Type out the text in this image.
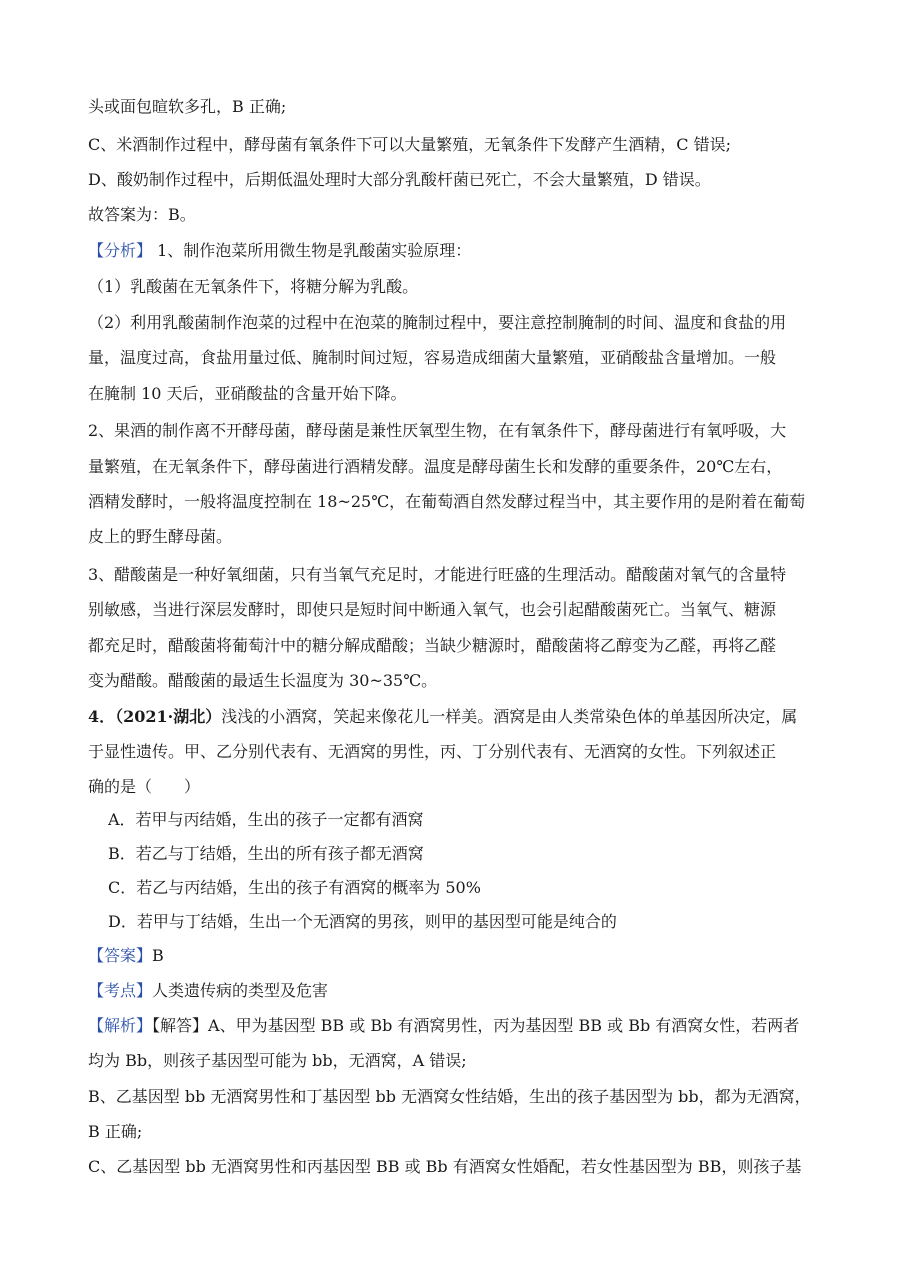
头或面包暄软多孔，B 正确;
C、米酒制作过程中，酵母菌有氧条件下可以大量繁殖，无氧条件下发酵产生酒精，C 错误;
D、酸奶制作过程中，后期低温处理时大部分乳酸杆菌已死亡，不会大量繁殖，D 错误。
故答案为：B。
【分析】 1、制作泡菜所用微生物是乳酸菌实验原理：
（1）乳酸菌在无氧条件下，将糖分解为乳酸。
（2）利用乳酸菌制作泡菜的过程中在泡菜的腌制过程中，要注意控制腌制的时间、温度和食盐的用
量，温度过高，食盐用量过低、腌制时间过短，容易造成细菌大量繁殖，亚硝酸盐含量增加。一般
在腌制 10 天后，亚硝酸盐的含量开始下降。
2、果酒的制作离不开酵母菌，酵母菌是兼性厌氧型生物，在有氧条件下，酵母菌进行有氧呼吸，大
量繁殖，在无氧条件下，酵母菌进行酒精发酵。温度是酵母菌生长和发酵的重要条件，20℃左右，
酒精发酵时，一般将温度控制在 18~25℃，在葡萄酒自然发酵过程当中，其主要作用的是附着在葡萄
皮上的野生酵母菌。
3、醋酸菌是一种好氧细菌，只有当氧气充足时，才能进行旺盛的生理活动。醋酸菌对氧气的含量特
别敏感，当进行深层发酵时，即使只是短时间中断通入氧气，也会引起醋酸菌死亡。当氧气、糖源
都充足时，醋酸菌将葡萄汁中的糖分解成醋酸；当缺少糖源时，醋酸菌将乙醇变为乙醛，再将乙醛
变为醋酸。醋酸菌的最适生长温度为 30~35℃。
4．（2021·湖北）浅浅的小酒窝，笑起来像花儿一样美。酒窝是由人类常染色体的单基因所决定，属
于显性遗传。甲、乙分别代表有、无酒窝的男性，丙、丁分别代表有、无酒窝的女性。下列叙述正
确的是（　　）
A．若甲与丙结婚，生出的孩子一定都有酒窝
B．若乙与丁结婚，生出的所有孩子都无酒窝
C．若乙与丙结婚，生出的孩子有酒窝的概率为 50%
D．若甲与丁结婚，生出一个无酒窝的男孩，则甲的基因型可能是纯合的
【答案】B
【考点】人类遗传病的类型及危害
【解析】【解答】A、甲为基因型 BB 或 Bb 有酒窝男性，丙为基因型 BB 或 Bb 有酒窝女性，若两者
均为 Bb，则孩子基因型可能为 bb，无酒窝，A 错误;
B、乙基因型 bb 无酒窝男性和丁基因型 bb 无酒窝女性结婚，生出的孩子基因型为 bb，都为无酒窝，
B 正确;
C、乙基因型 bb 无酒窝男性和丙基因型 BB 或 Bb 有酒窝女性婚配，若女性基因型为 BB，则孩子基
